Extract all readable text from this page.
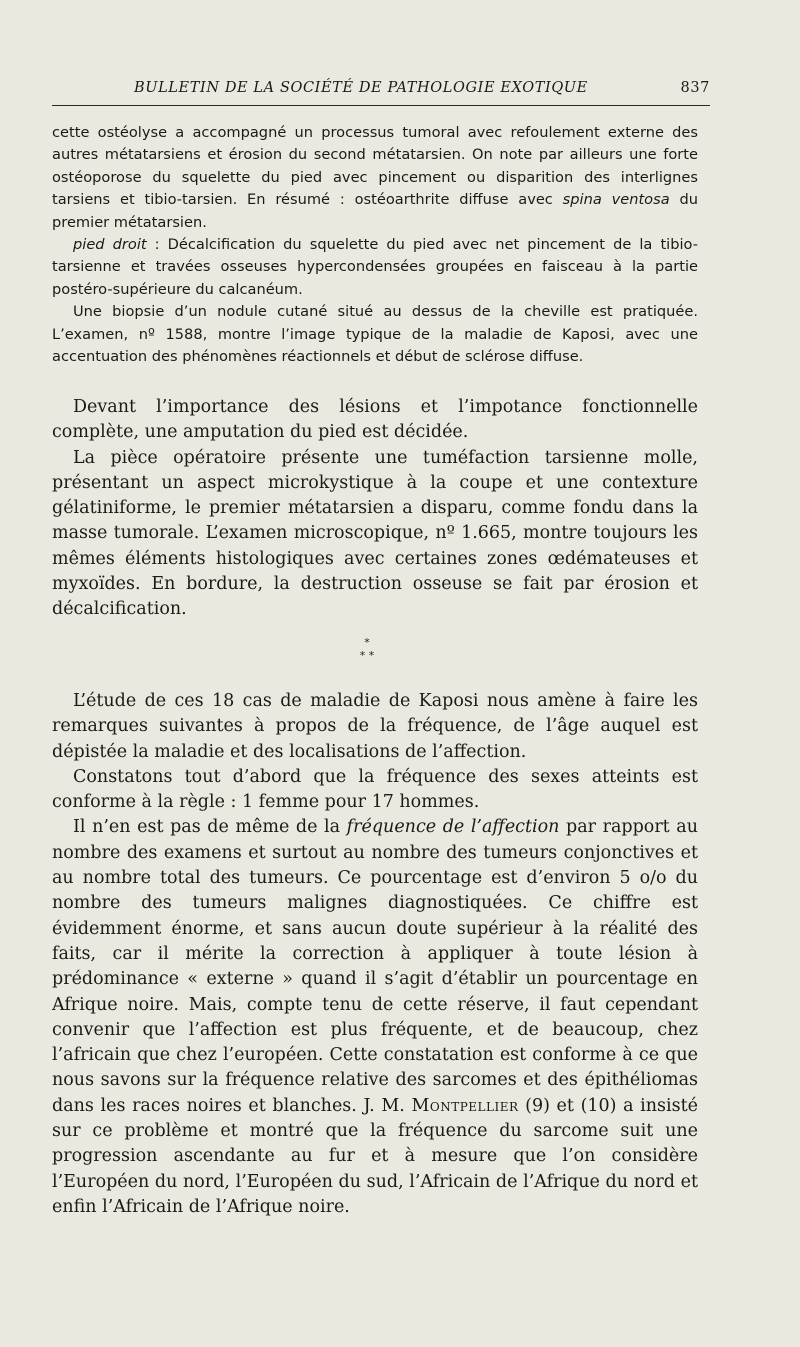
BULLETIN DE LA SOCIÉTÉ DE PATHOLOGIE EXOTIQUE	837

cette ostéolyse a accompagné un processus tumoral avec refoulement externe des autres métatarsiens et érosion du second métatarsien. On note par ailleurs une forte ostéoporose du squelette du pied avec pincement ou disparition des interlignes tarsiens et tibio-tarsien. En résumé : ostéoarthrite diffuse avec spina ventosa du premier métatarsien.

pied droit : Décalcification du squelette du pied avec net pincement de la tibio-tarsienne et travées osseuses hypercondensées groupées en faisceau à la partie postéro-supérieure du calcanéum.

Une biopsie d’un nodule cutané situé au dessus de la cheville est pratiquée. L’examen, nº 1588, montre l’image typique de la maladie de Kaposi, avec une accentuation des phénomènes réactionnels et début de sclérose diffuse.

Devant l’importance des lésions et l’impotance fonctionnelle complète, une amputation du pied est décidée.

La pièce opératoire présente une tuméfaction tarsienne molle, présentant un aspect microkystique à la coupe et une contexture gélatiniforme, le premier métatarsien a disparu, comme fondu dans la masse tumorale. L’examen microscopique, nº 1.665, montre toujours les mêmes éléments histologiques avec certaines zones œdémateuses et myxoïdes. En bordure, la destruction osseuse se fait par érosion et décalcification.

*
* *

L’étude de ces 18 cas de maladie de Kaposi nous amène à faire les remarques suivantes à propos de la fréquence, de l’âge auquel est dépistée la maladie et des localisations de l’affection.

Constatons tout d’abord que la fréquence des sexes atteints est conforme à la règle : 1 femme pour 17 hommes.

Il n’en est pas de même de la fréquence de l’affection par rapport au nombre des examens et surtout au nombre des tumeurs conjonctives et au nombre total des tumeurs. Ce pourcentage est d’environ 5 o/o du nombre des tumeurs malignes diagnostiquées. Ce chiffre est évidemment énorme, et sans aucun doute supérieur à la réalité des faits, car il mérite la correction à appliquer à toute lésion à prédominance « externe » quand il s’agit d’établir un pourcentage en Afrique noire. Mais, compte tenu de cette réserve, il faut cependant convenir que l’affection est plus fréquente, et de beaucoup, chez l’africain que chez l’européen. Cette constatation est conforme à ce que nous savons sur la fréquence relative des sarcomes et des épithéliomas dans les races noires et blanches. J. M. Montpellier (9) et (10) a insisté sur ce problème et montré que la fréquence du sarcome suit une progression ascendante au fur et à mesure que l’on considère l’Européen du nord, l’Européen du sud, l’Africain de l’Afrique du nord et enfin l’Africain de l’Afrique noire.
